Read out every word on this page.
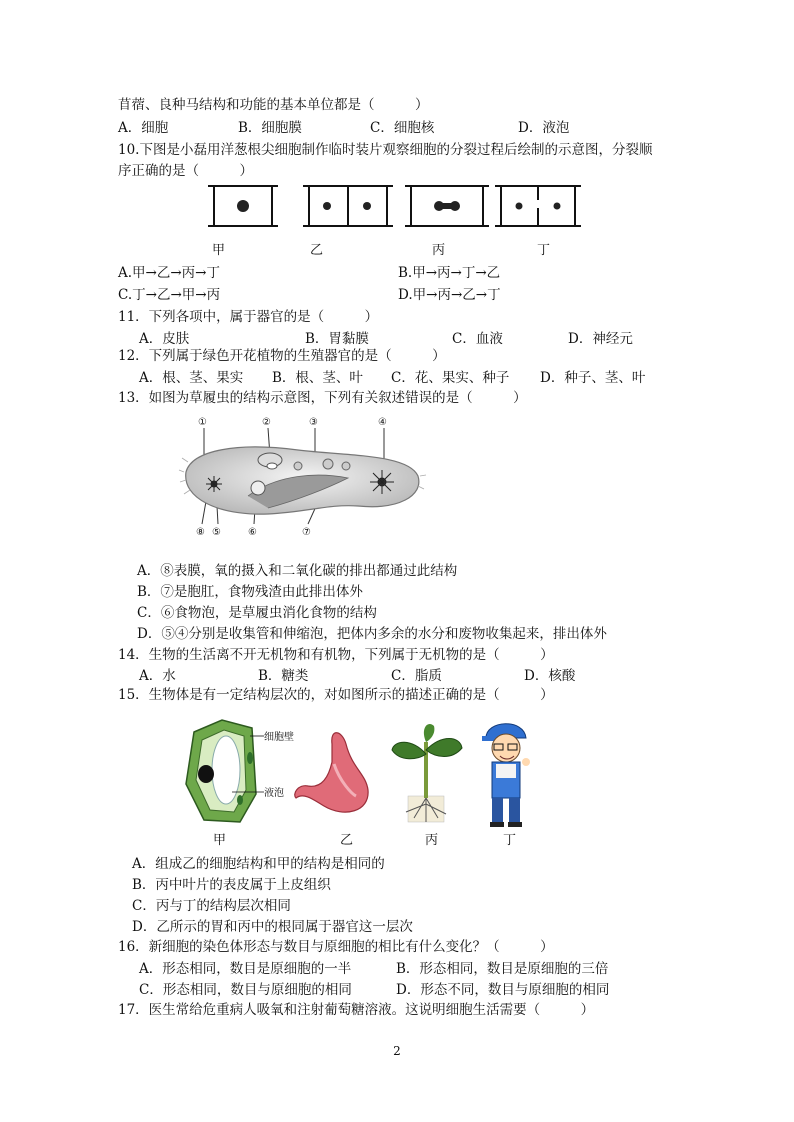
苜蓿、良种马结构和功能的基本单位都是（　　　）
A．细胞	B．细胞膜	C．细胞核	D．液泡
10.下图是小磊用洋葱根尖细胞制作临时装片观察细胞的分裂过程后绘制的示意图，分裂顺
序正确的是（　　　）
甲	乙	丙	丁
A.甲→乙→丙→丁	B.甲→丙→丁→乙
C.丁→乙→甲→丙	D.甲→丙→乙→丁
11．下列各项中，属于器官的是（　　　）
A．皮肤	B．胃黏膜	C．血液	D．神经元
12．下列属于绿色开花植物的生殖器官的是（　　　）
A．根、茎、果实 B．根、茎、叶 C．花、果实、种子 D．种子、茎、叶
13．如图为草履虫的结构示意图，下列有关叙述错误的是（　　　）
①	②	③	④
⑧ ⑤	⑥	⑦
A．⑧表膜，氧的摄入和二氧化碳的排出都通过此结构
B．⑦是胞肛，食物残渣由此排出体外
C．⑥食物泡，是草履虫消化食物的结构
D．⑤④分别是收集管和伸缩泡，把体内多余的水分和废物收集起来，排出体外
14．生物的生活离不开无机物和有机物，下列属于无机物的是（　　　）
A．水	B．糖类	C．脂质	D．核酸
15．生物体是有一定结构层次的，对如图所示的描述正确的是（　　　）
细胞壁
液泡
甲	乙	丙	丁
A．组成乙的细胞结构和甲的结构是相同的
B．丙中叶片的表皮属于上皮组织
C．丙与丁的结构层次相同
D．乙所示的胃和丙中的根同属于器官这一层次
16．新细胞的染色体形态与数目与原细胞的相比有什么变化？（　　　）
A．形态相同，数目是原细胞的一半	B．形态相同，数目是原细胞的三倍
C．形态相同，数目与原细胞的相同	D．形态不同，数目与原细胞的相同
17．医生常给危重病人吸氧和注射葡萄糖溶液。这说明细胞生活需要（　　　）
2
